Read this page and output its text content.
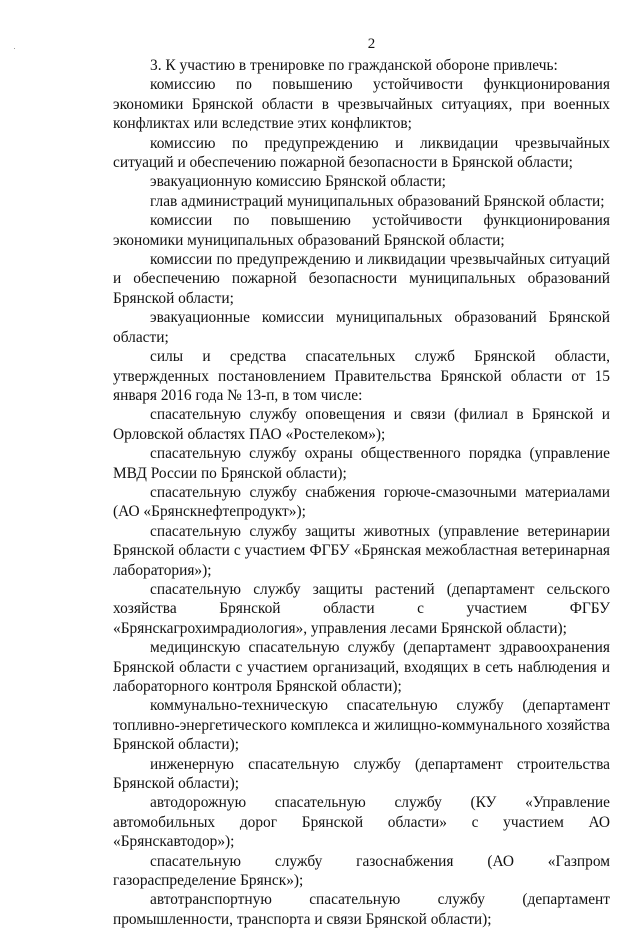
2

3. К участию в тренировке по гражданской обороне привлечь:

комиссию по повышению устойчивости функционирования экономики Брянской области в чрезвычайных ситуациях, при военных конфликтах или вследствие этих конфликтов;

комиссию по предупреждению и ликвидации чрезвычайных ситуаций и обеспечению пожарной безопасности в Брянской области;

эвакуационную комиссию Брянской области;

глав администраций муниципальных образований Брянской области;

комиссии по повышению устойчивости функционирования экономики муниципальных образований Брянской области;

комиссии по предупреждению и ликвидации чрезвычайных ситуаций и обеспечению пожарной безопасности муниципальных образований Брянской области;

эвакуационные комиссии муниципальных образований Брянской области;

силы и средства спасательных служб Брянской области, утвержденных постановлением Правительства Брянской области от 15 января 2016 года № 13-п, в том числе:

спасательную службу оповещения и связи (филиал в Брянской и Орловской областях ПАО «Ростелеком»);

спасательную службу охраны общественного порядка (управление МВД России по Брянской области);

спасательную службу снабжения горюче-смазочными материалами (АО «Брянскнефтепродукт»);

спасательную службу защиты животных (управление ветеринарии Брянской области с участием ФГБУ «Брянская межобластная ветеринарная лаборатория»);

спасательную службу защиты растений (департамент сельского хозяйства Брянской области с участием ФГБУ «Брянскагрохимрадиология», управления лесами Брянской области);

медицинскую спасательную службу (департамент здравоохранения Брянской области с участием организаций, входящих в сеть наблюдения и лабораторного контроля Брянской области);

коммунально-техническую спасательную службу (департамент топливно-энергетического комплекса и жилищно-коммунального хозяйства Брянской области);

инженерную спасательную службу (департамент строительства Брянской области);

автодорожную спасательную службу (КУ «Управление автомобильных дорог Брянской области» с участием АО «Брянскавтодор»);

спасательную службу газоснабжения (АО «Газпром газораспределение Брянск»);

автотранспортную спасательную службу (департамент промышленности, транспорта и связи Брянской области);
